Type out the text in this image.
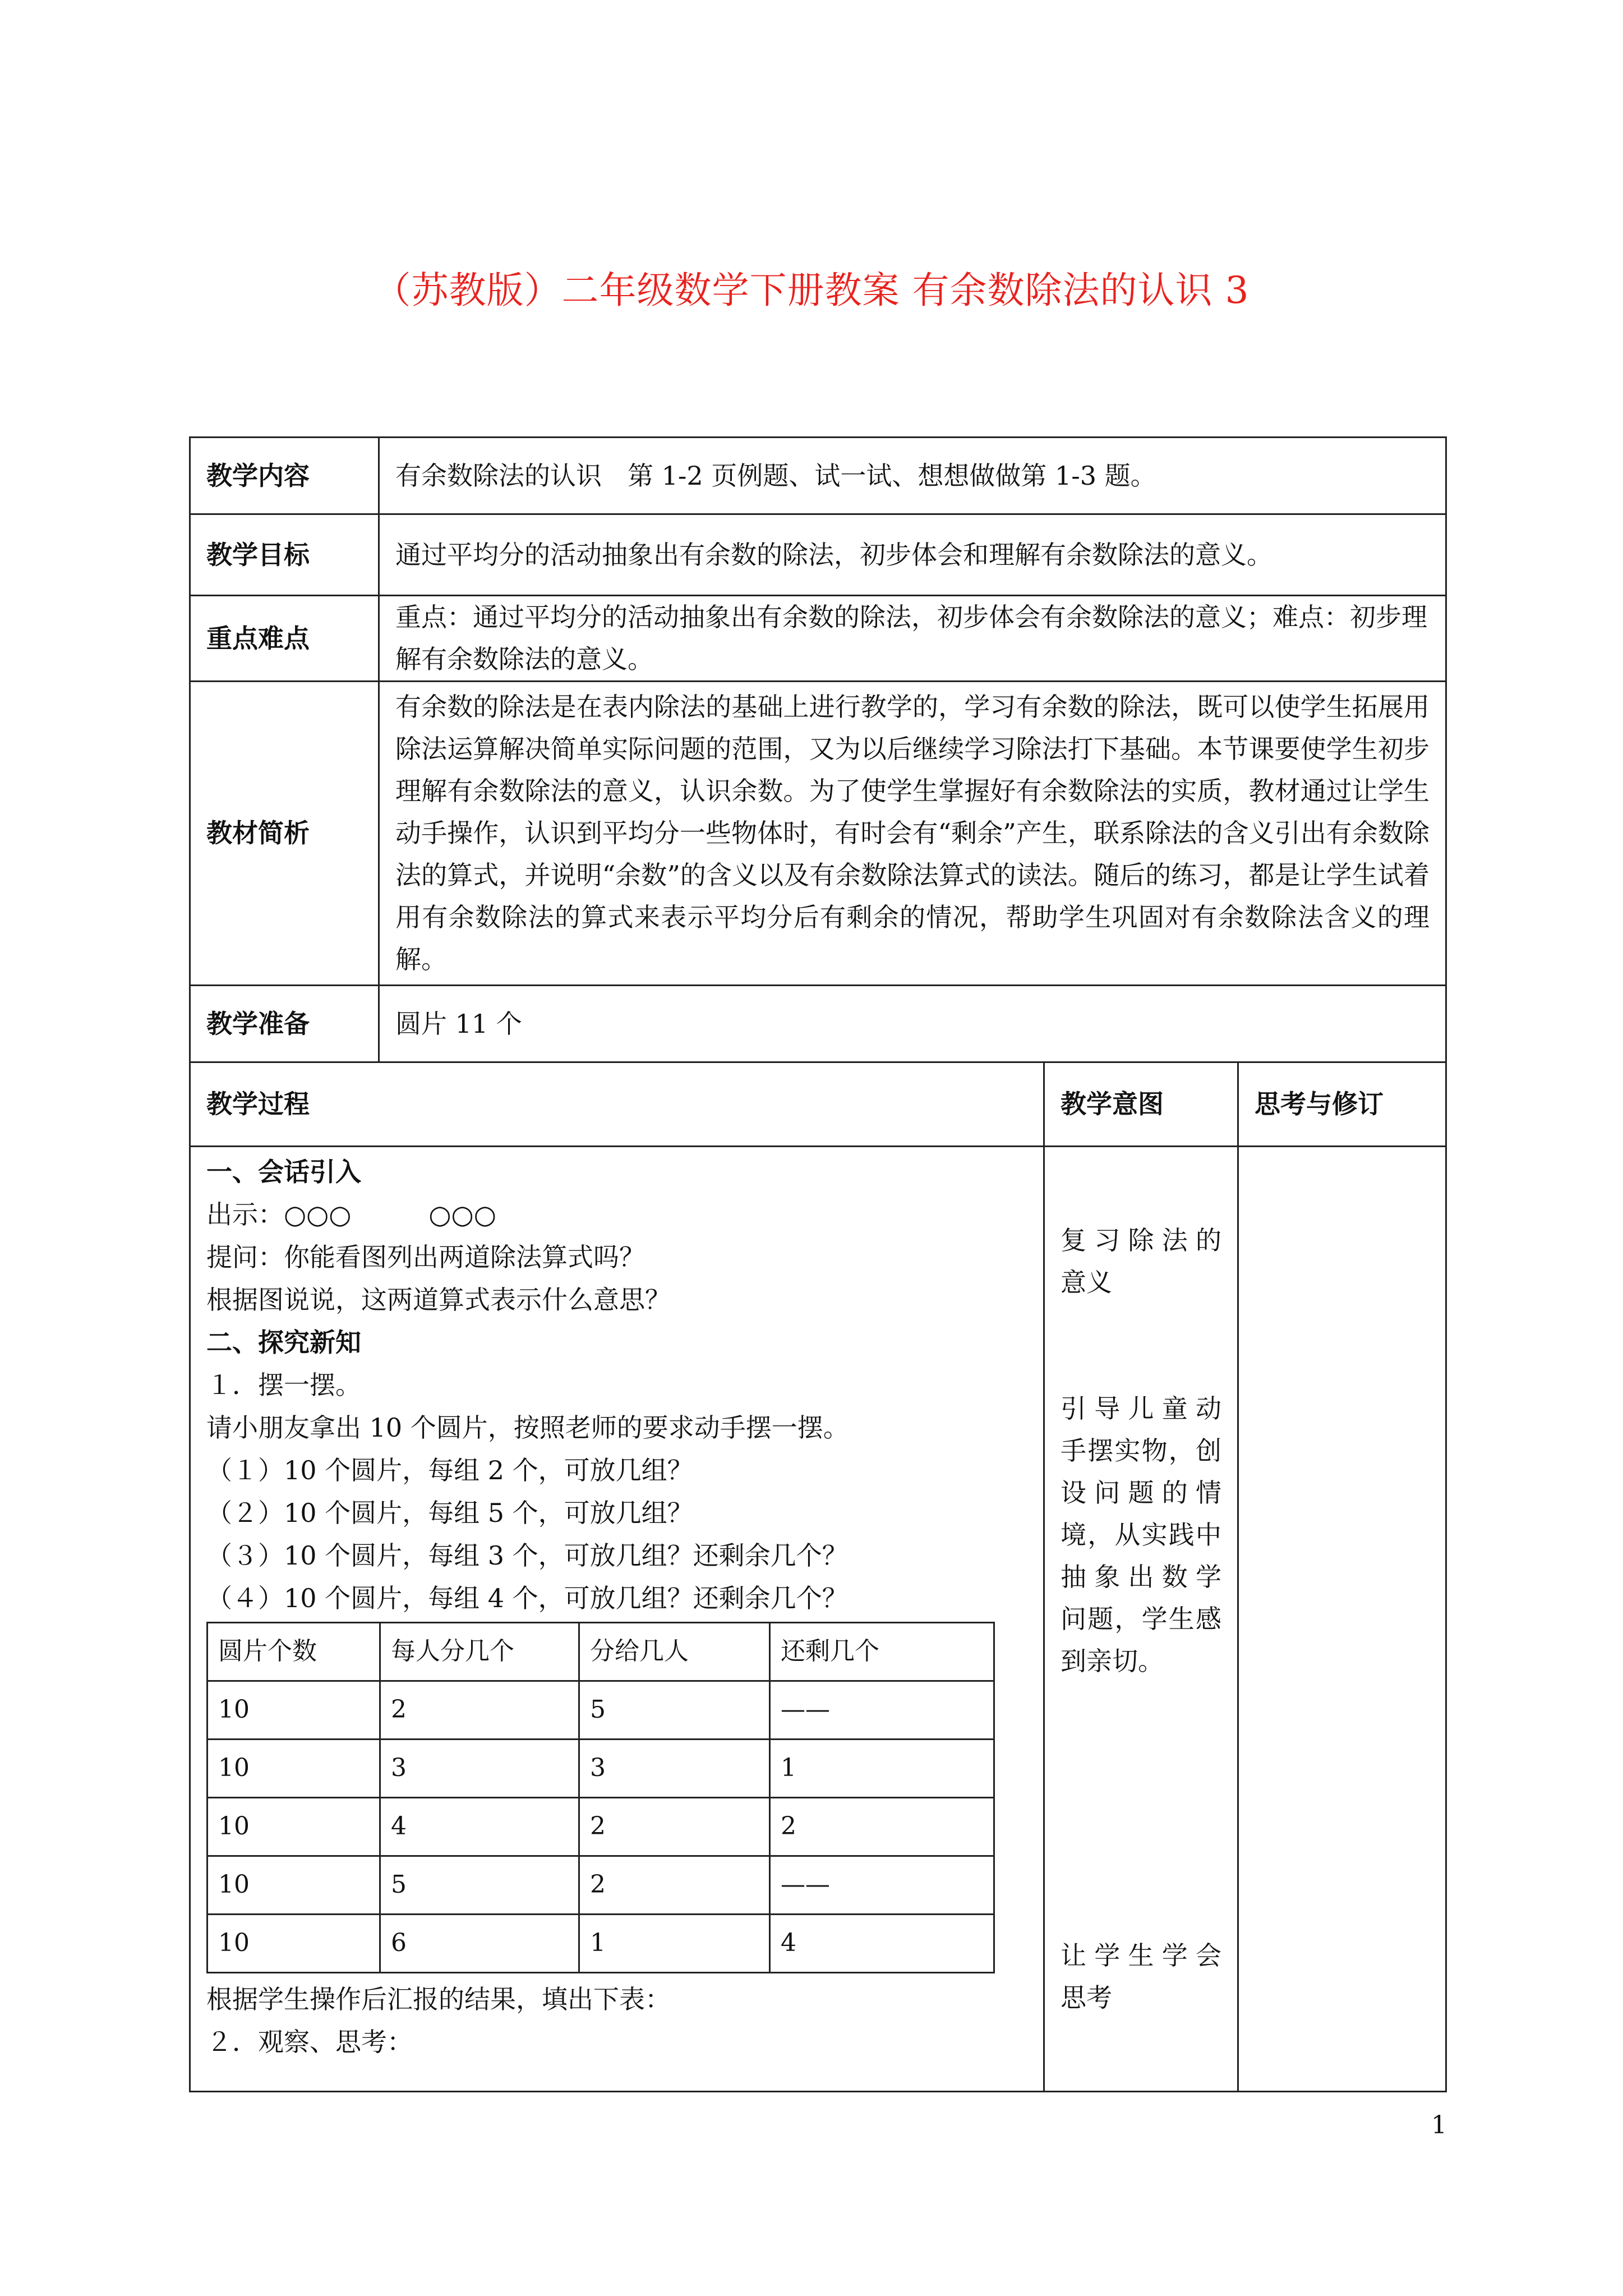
（苏教版）二年级数学下册教案 有余数除法的认识 3
教学内容	有余数除法的认识　第 1-2 页例题、试一试、想想做做第 1-3 题。
教学目标	通过平均分的活动抽象出有余数的除法，初步体会和理解有余数除法的意义。
重点难点	重点：通过平均分的活动抽象出有余数的除法，初步体会有余数除法的意义；难点：初步理解有余数除法的意义。
教材简析	有余数的除法是在表内除法的基础上进行教学的，学习有余数的除法，既可以使学生拓展用除法运算解决简单实际问题的范围，又为以后继续学习除法打下基础。本节课要使学生初步理解有余数除法的意义，认识余数。为了使学生掌握好有余数除法的实质，教材通过让学生动手操作，认识到平均分一些物体时，有时会有“剩余”产生，联系除法的含义引出有余数除法的算式，并说明“余数”的含义以及有余数除法算式的读法。随后的练习，都是让学生试着用有余数除法的算式来表示平均分后有剩余的情况，帮助学生巩固对有余数除法含义的理解。
教学准备	圆片 11 个
教学过程	教学意图	思考与修订

一、会话引入
出示：○○○　　　○○○
提问：你能看图列出两道除法算式吗？
根据图说说，这两道算式表示什么意思？
二、探究新知
１．摆一摆。
请小朋友拿出 10 个圆片，按照老师的要求动手摆一摆。
（１）10 个圆片，每组 2 个，可放几组？
（２）10 个圆片，每组 5 个，可放几组？
（３）10 个圆片，每组 3 个，可放几组？还剩余几个？
（４）10 个圆片，每组 4 个，可放几组？还剩余几个？
圆片个数	每人分几个	分给几人	还剩几个
10	2	5	——
10	3	3	1
10	4	2	2
10	5	2	——
10	6	1	4
根据学生操作后汇报的结果，填出下表：
２．观察、思考：

复习除法的
意义
引导儿童动
手摆实物，创
设问题的情
境，从实践中
抽象出数学
问题，学生感
到亲切。
让学生学会
思考

1
